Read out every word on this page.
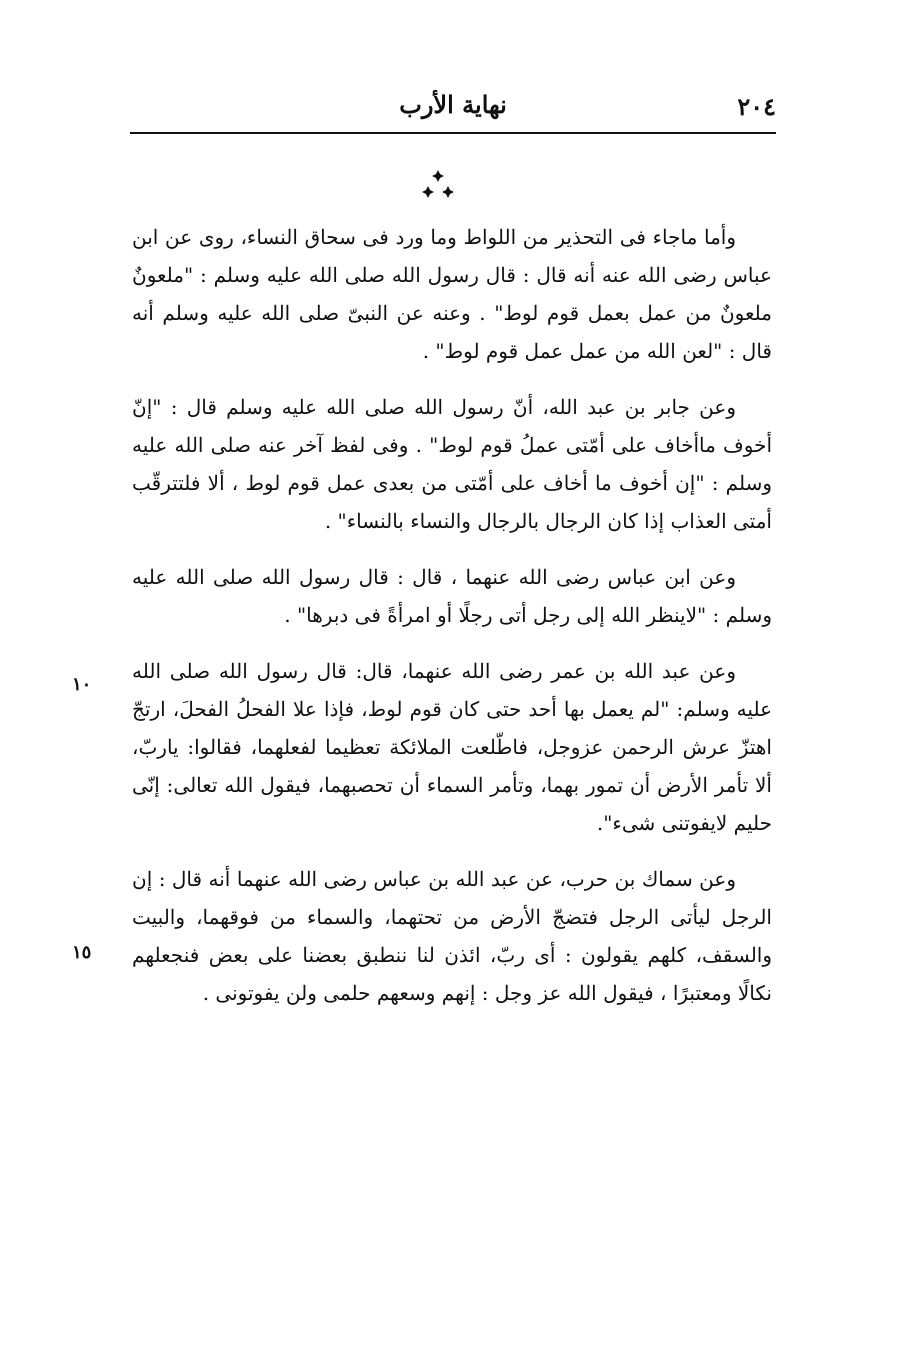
٢٠٤
نهاية الأرب

وأما ماجاء فى التحذير من اللواط وما ورد فى سحاق النساء، روى عن ابن عباس رضى الله عنه أنه قال : قال رسول الله صلى الله عليه وسلم : "ملعونٌ ملعونٌ من عمل بعمل قوم لوط" . وعنه عن النبىّ صلى الله عليه وسلم أنه قال : "لعن الله من عمل عمل قوم لوط" .

وعن جابر بن عبد الله، أنّ رسول الله صلى الله عليه وسلم قال : "إنّ أخوف ماأخاف على أمّتى عملُ قوم لوط" . وفى لفظ آخر عنه صلى الله عليه وسلم : "إن أخوف ما أخاف على أمّتى من بعدى عمل قوم لوط ، ألا فلتترقّب أمتى العذاب إذا كان الرجال بالرجال والنساء بالنساء" .

وعن ابن عباس رضى الله عنهما ، قال : قال رسول الله صلى الله عليه وسلم : "لاينظر الله إلى رجل أتى رجلًا أو امرأةً فى دبرها" .

وعن عبد الله بن عمر رضى الله عنهما، قال: قال رسول الله صلى الله عليه وسلم: "لم يعمل بها أحد حتى كان قوم لوط، فإذا علا الفحلُ الفحلَ، ارتجّ اهتزّ عرش الرحمن عزوجل، فاطّلعت الملائكة تعظيما لفعلهما، فقالوا: ياربّ، ألا تأمر الأرض أن تمور بهما، وتأمر السماء أن تحصبهما، فيقول الله تعالى: إنّى حليم لايفوتنى شىء".

وعن سماك بن حرب، عن عبد الله بن عباس رضى الله عنهما أنه قال : إن الرجل ليأتى الرجل فتضجّ الأرض من تحتهما، والسماء من فوقهما، والبيت والسقف، كلهم يقولون : أى ربّ، ائذن لنا ننطبق بعضنا على بعض فنجعلهم نكالًا ومعتبرًا ، فيقول الله عز وجل : إنهم وسعهم حلمى ولن يفوتونى .

١٠
١٥
